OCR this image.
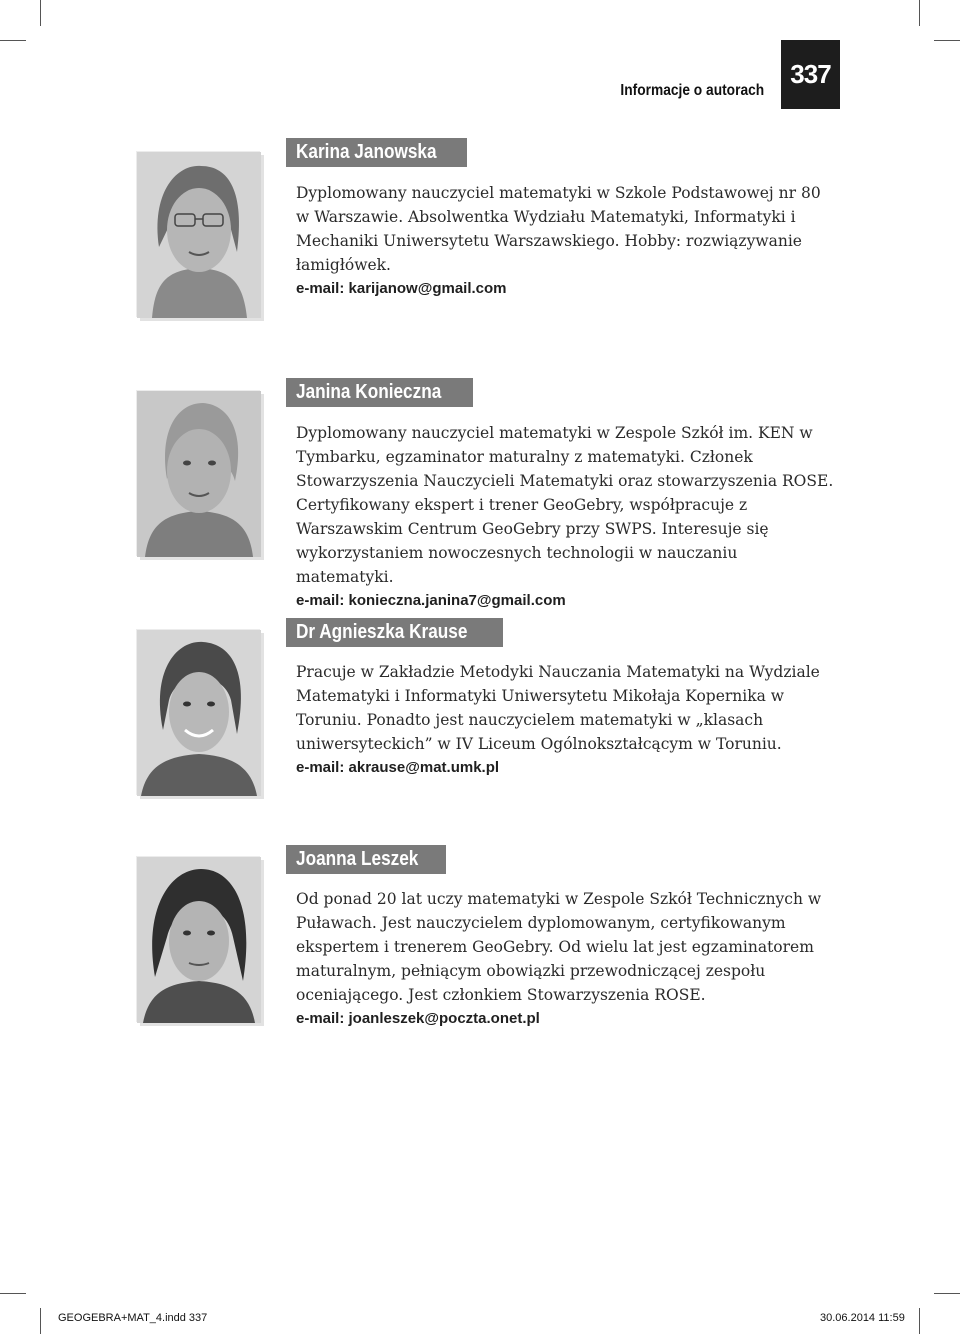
Informacje o autorach
337
Karina Janowska

Dyplomowany nauczyciel matematyki w Szkole Podstawowej nr 80 w Warszawie. Absolwentka Wydziału Matematyki, Informatyki i Mechaniki Uniwersytetu Warszawskiego. Hobby: rozwiązywanie łamigłówek.

e-mail: karijanow@gmail.com

Janina Konieczna

Dyplomowany nauczyciel matematyki w Zespole Szkół im. KEN w Tymbarku, egzaminator maturalny z matematyki. Członek Stowarzyszenia Nauczycieli Matematyki oraz stowarzyszenia ROSE. Certyfikowany ekspert i trener GeoGebry, współpracuje z Warszawskim Centrum GeoGebry przy SWPS. Interesuje się wykorzystaniem nowoczesnych technologii w nauczaniu matematyki.

e-mail: konieczna.janina7@gmail.com

Dr Agnieszka Krause

Pracuje w Zakładzie Metodyki Nauczania Matematyki na Wydziale Matematyki i Informatyki Uniwersytetu Mikołaja Kopernika w Toruniu. Ponadto jest nauczycielem matematyki w „klasach uniwersyteckich” w IV Liceum Ogólnokształcącym w Toruniu.

e-mail: akrause@mat.umk.pl

Joanna Leszek

Od ponad 20 lat uczy matematyki w Zespole Szkół Technicznych w Puławach. Jest nauczycielem dyplomowanym, certyfikowanym ekspertem i trenerem GeoGebry. Od wielu lat jest egzaminatorem maturalnym, pełniącym obowiązki przewodniczącej zespołu oceniającego. Jest członkiem Stowarzyszenia ROSE.

e-mail: joanleszek@poczta.onet.pl

GEOGEBRA+MAT_4.indd 337	30.06.2014 11:59
